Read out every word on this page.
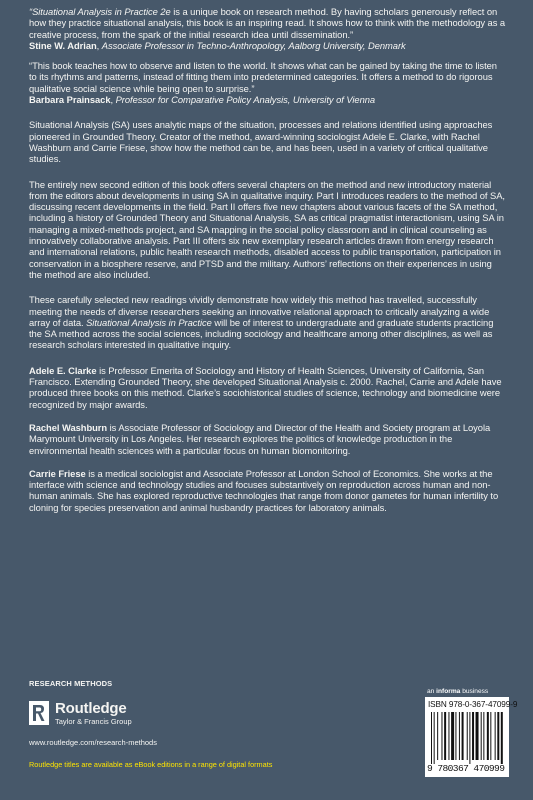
“Situational Analysis in Practice 2e is a unique book on research method. By having scholars generously reflect on how they practice situational analysis, this book is an inspiring read. It shows how to think with the methodology as a creative process, from the spark of the initial research idea until dissemination.”

Stine W. Adrian, Associate Professor in Techno-Anthropology, Aalborg University, Denmark

“This book teaches how to observe and listen to the world. It shows what can be gained by taking the time to listen to its rhythms and patterns, instead of fitting them into predetermined categories. It offers a method to do rigorous qualitative social science while being open to surprise.”

Barbara Prainsack, Professor for Comparative Policy Analysis, University of Vienna

Situational Analysis (SA) uses analytic maps of the situation, processes and relations identified using approaches pioneered in Grounded Theory. Creator of the method, award-winning sociologist Adele E. Clarke, with Rachel Washburn and Carrie Friese, show how the method can be, and has been, used in a variety of critical qualitative studies.

The entirely new second edition of this book offers several chapters on the method and new introductory material from the editors about developments in using SA in qualitative inquiry. Part I introduces readers to the method of SA, discussing recent developments in the field. Part II offers five new chapters about various facets of the SA method, including a history of Grounded Theory and Situational Analysis, SA as critical pragmatist interactionism, using SA in managing a mixed-methods project, and SA mapping in the social policy classroom and in clinical counseling as innovatively collaborative analysis. Part III offers six new exemplary research articles drawn from energy research and international relations, public health research methods, disabled access to public transportation, participation in conservation in a biosphere reserve, and PTSD and the military. Authors’ reflections on their experiences in using the method are also included.

These carefully selected new readings vividly demonstrate how widely this method has travelled, successfully meeting the needs of diverse researchers seeking an innovative relational approach to critically analyzing a wide array of data. Situational Analysis in Practice will be of interest to undergraduate and graduate students practicing the SA method across the social sciences, including sociology and healthcare among other disciplines, as well as research scholars interested in qualitative inquiry.

Adele E. Clarke is Professor Emerita of Sociology and History of Health Sciences, University of California, San Francisco. Extending Grounded Theory, she developed Situational Analysis c. 2000. Rachel, Carrie and Adele have produced three books on this method. Clarke’s sociohistorical studies of science, technology and biomedicine were recognized by major awards.

Rachel Washburn is Associate Professor of Sociology and Director of the Health and Society program at Loyola Marymount University in Los Angeles. Her research explores the politics of knowledge production in the environmental health sciences with a particular focus on human biomonitoring.

Carrie Friese is a medical sociologist and Associate Professor at London School of Economics. She works at the interface with science and technology studies and focuses substantively on reproduction across human and non-human animals. She has explored reproductive technologies that range from donor gametes for human infertility to cloning for species preservation and animal husbandry practices for laboratory animals.

RESEARCH METHODS
Routledge
Taylor & Francis Group
www.routledge.com/research-methods
Routledge titles are available as eBook editions in a range of digital formats
an informa business
ISBN 978-0-367-47099-9
9 780367 470999
